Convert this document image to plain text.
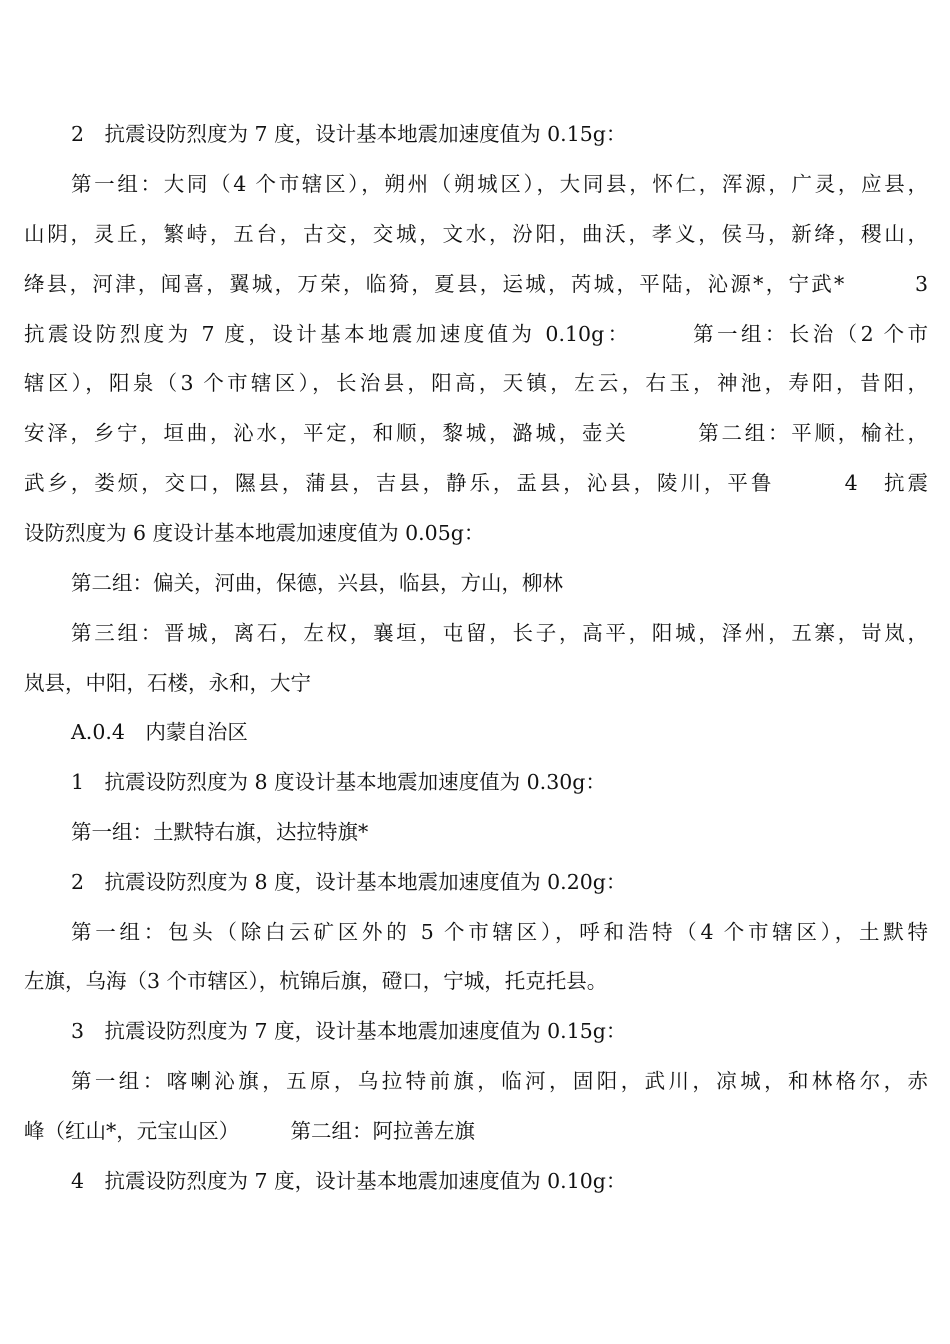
2　抗震设防烈度为 7 度，设计基本地震加速度值为 0.15g：
第一组：大同（4 个市辖区），朔州（朔城区），大同县，怀仁，浑源，广灵，应县，
山阴，灵丘，繁峙，五台，古交，交城，文水，汾阳，曲沃，孝义，侯马，新绛，稷山，
绛县，河津，闻喜，翼城，万荣，临猗，夏县，运城，芮城，平陆，沁源*，宁武*　　　3
抗震设防烈度为 7 度，设计基本地震加速度值为 0.10g：　　　第一组：长治（2 个市
辖区），阳泉（3 个市辖区），长治县，阳高，天镇，左云，右玉，神池，寿阳，昔阳，
安泽，乡宁，垣曲，沁水，平定，和顺，黎城，潞城，壶关　　　第二组：平顺，榆社，
武乡，娄烦，交口，隰县，蒲县，吉县，静乐，盂县，沁县，陵川，平鲁　　　4　抗震
设防烈度为 6 度设计基本地震加速度值为 0.05g：
第二组：偏关，河曲，保德，兴县，临县，方山，柳林
第三组：晋城，离石，左权，襄垣，屯留，长子，高平，阳城，泽州，五寨，岢岚，
岚县，中阳，石楼，永和，大宁
A.0.4　内蒙自治区
1　抗震设防烈度为 8 度设计基本地震加速度值为 0.30g：
第一组：土默特右旗，达拉特旗*
2　抗震设防烈度为 8 度，设计基本地震加速度值为 0.20g：
第一组：包头（除白云矿区外的 5 个市辖区），呼和浩特（4 个市辖区），土默特
左旗，乌海（3 个市辖区），杭锦后旗，磴口，宁城，托克托县。
3　抗震设防烈度为 7 度，设计基本地震加速度值为 0.15g：
第一组：喀喇沁旗，五原，乌拉特前旗，临河，固阳，武川，凉城，和林格尔，赤
峰（红山*，元宝山区）　　　第二组：阿拉善左旗
4　抗震设防烈度为 7 度，设计基本地震加速度值为 0.10g：
